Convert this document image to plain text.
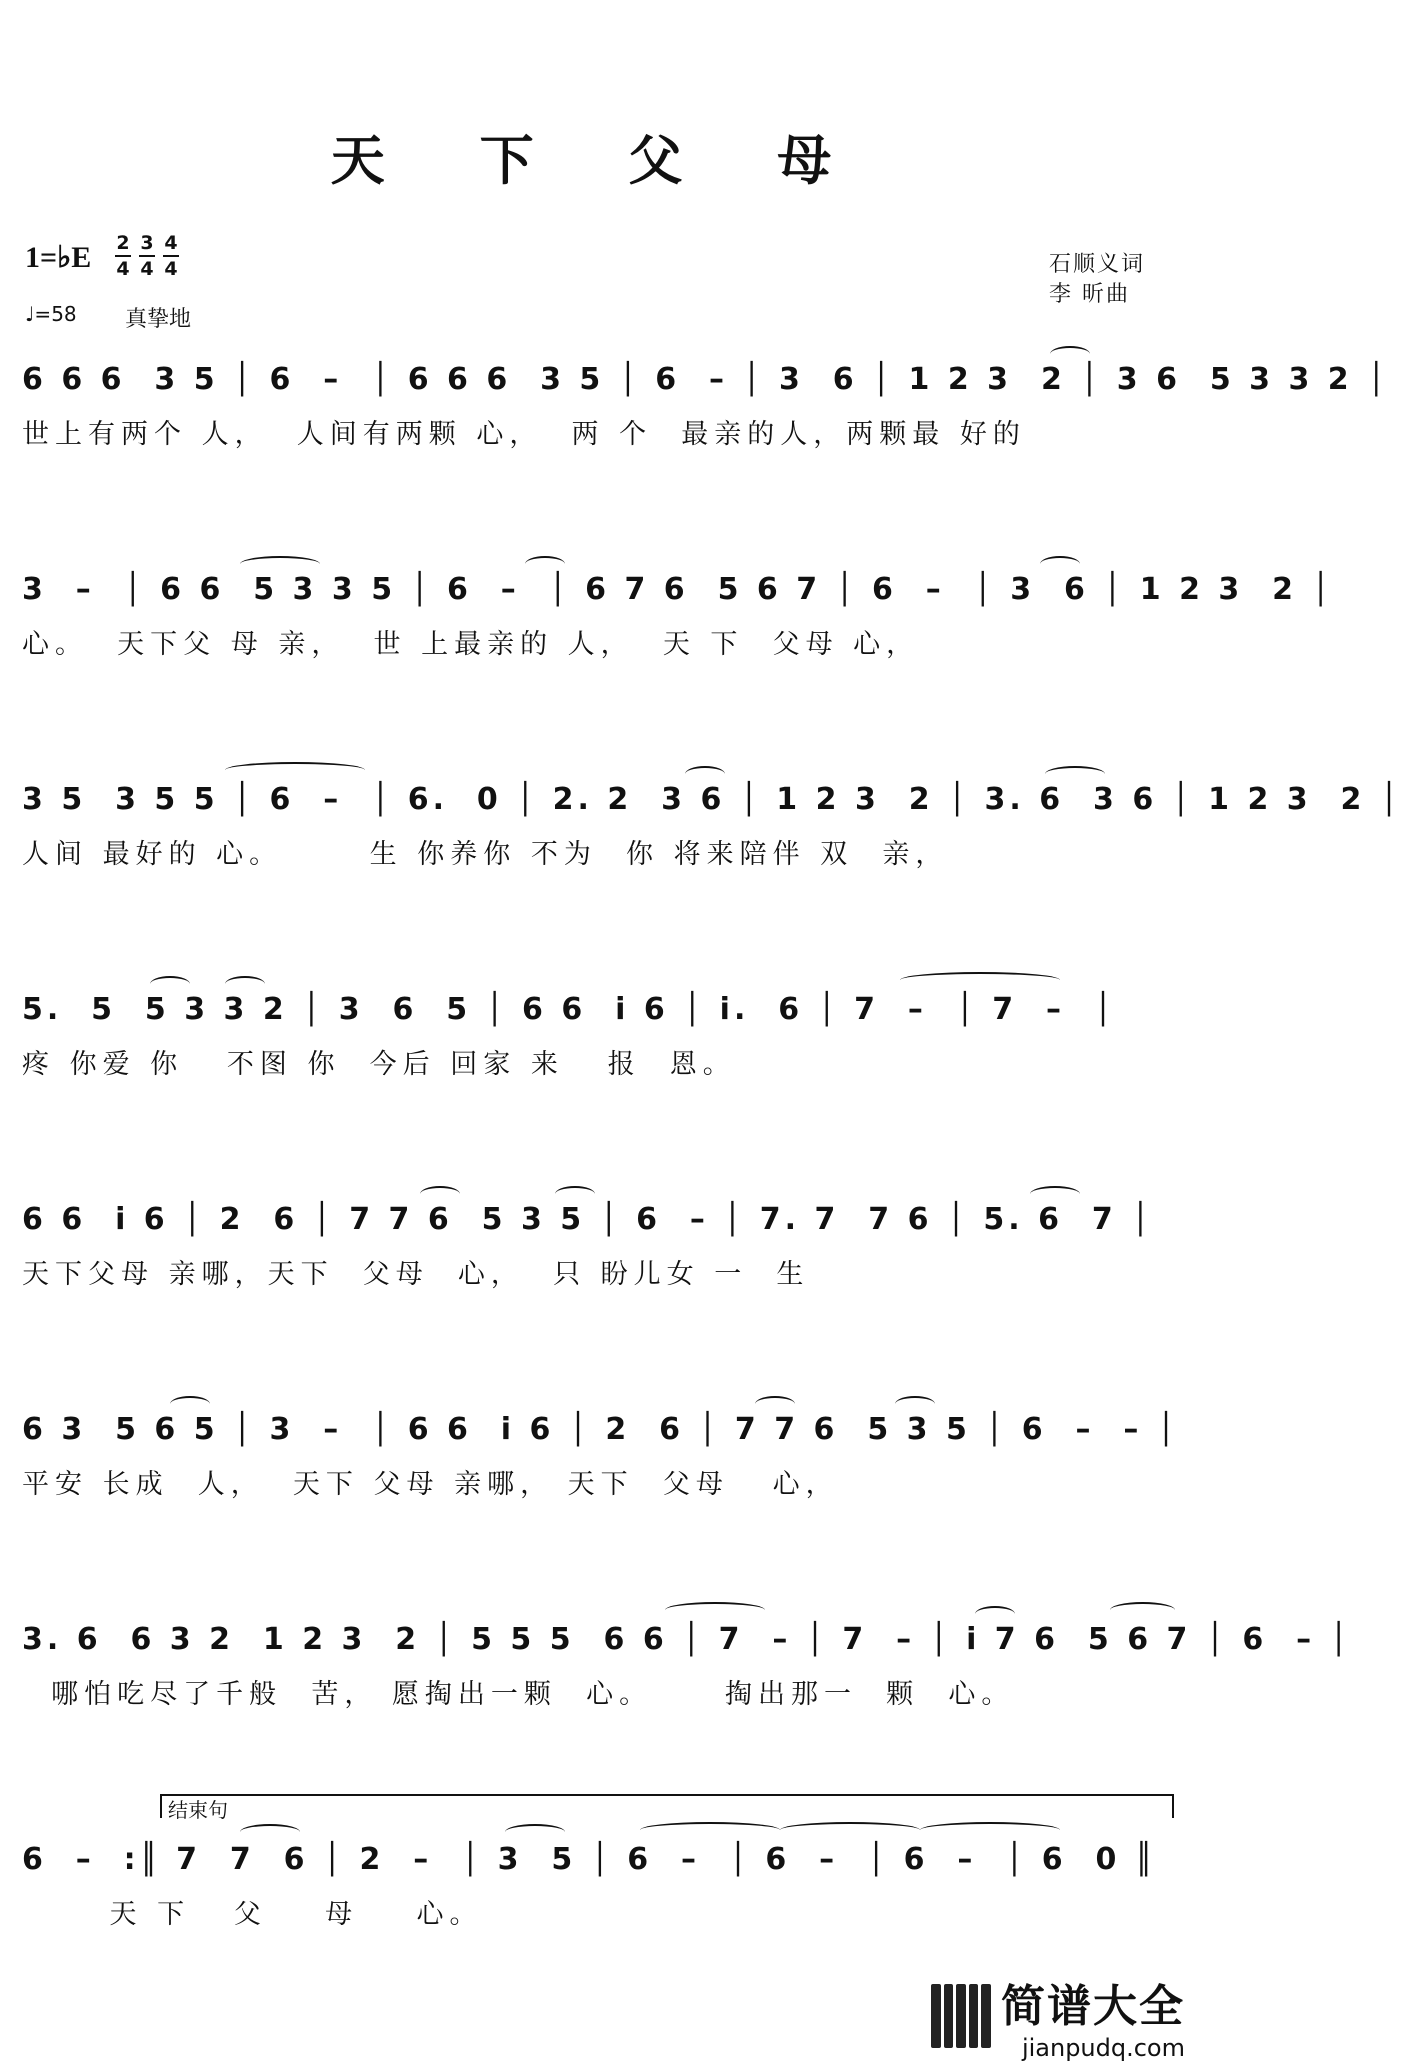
天 下 父 母
1=♭E $\frac{2}{4} \frac{3}{4} \frac{4}{4}$
♩=58 真挚地
石顺义词
李 昕曲
6 6 6  3 5 │ 6  –  │ 6 6 6  3 5 │ 6  – │ 3  6 │ 1 2 3  2 │ 3 6  5 3 3 2 │
世上有两个 人，  人间有两颗 心，  两 个  最亲的人，两颗最 好的
3  –  │ 6 6  5 3 3 5 │ 6  –  │ 6 7 6  5 6 7 │ 6  –  │ 3  6 │ 1 2 3  2 │
心。  天下父 母 亲，  世 上最亲的 人，  天 下  父母 心，
3 5  3 5 5 │ 6  –  │ 6.  0 │ 2. 2  3 6 │ 1 2 3  2 │ 3. 6  3 6 │ 1 2 3  2 │
人间 最好的 心。      生 你养你 不为  你 将来陪伴 双  亲，
5.  5  5 3 3 2 │ 3  6  5 │ 6 6  i 6 │ i.  6 │ 7  –  │ 7  –  │
疼 你爱 你   不图 你  今后 回家 来   报  恩。
6 6  i 6 │ 2  6 │ 7 7 6  5 3 5 │ 6  – │ 7. 7  7 6 │ 5. 6  7 │
天下父母 亲哪，天下  父母  心，  只 盼儿女 一  生
6 3  5 6 5 │ 3  –  │ 6 6  i 6 │ 2  6 │ 7 7 6  5 3 5 │ 6  –  – │
平安 长成  人，  天下 父母 亲哪， 天下  父母   心，
3. 6  6 3 2  1 2 3  2 │ 5 5 5  6 6 │ 7  – │ 7  – │ i 7 6  5 6 7 │ 6  – │
哪怕吃尽了千般  苦， 愿掏出一颗  心。     掏出那一  颗  心。
结束句
6  –  :║ 7  7  6 │ 2  –  │ 3  5 │ 6  –  │ 6  –  │ 6  –  │ 6  0 ║
天 下   父    母    心。
简谱大全
jianpudq.com
